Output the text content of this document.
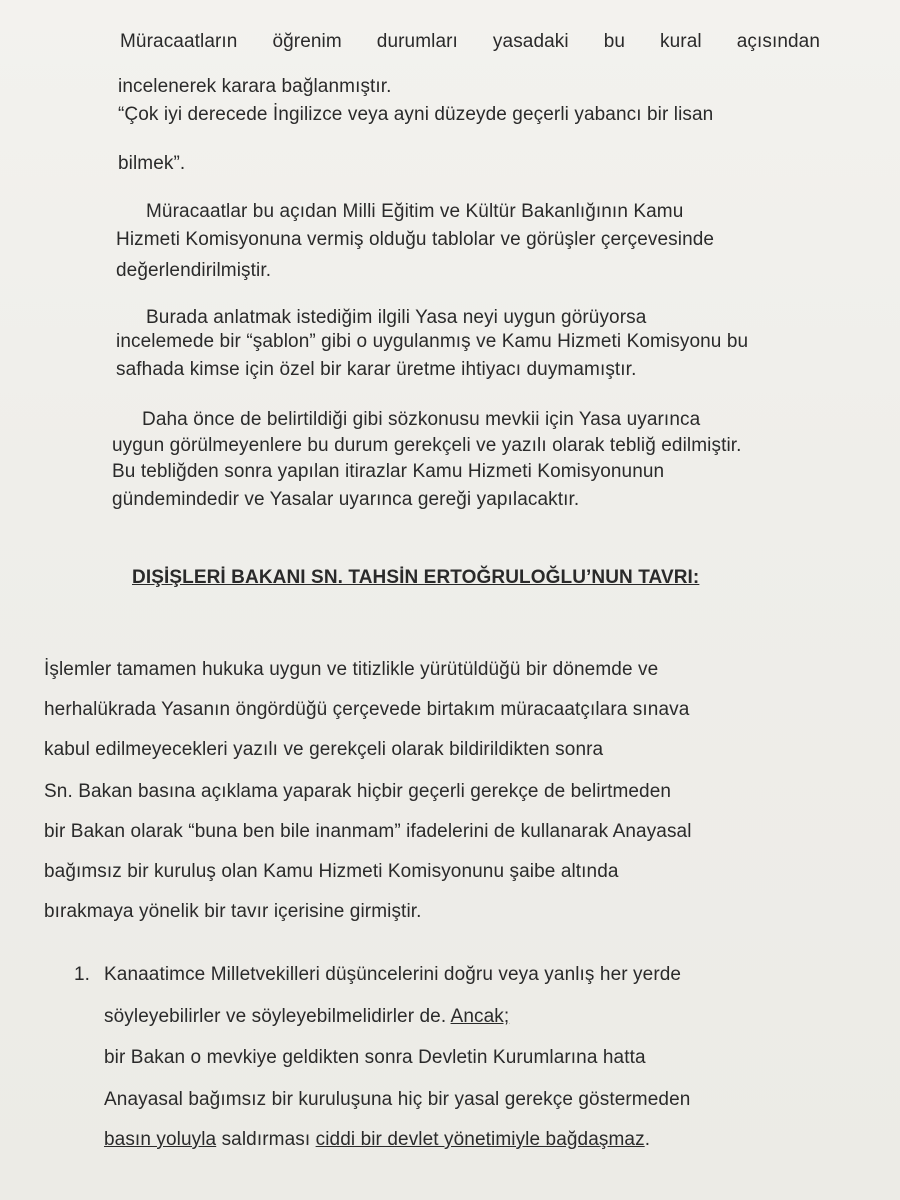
Müracaatların öğrenim durumları yasadaki bu kural açısından
incelenerek karara bağlanmıştır.
“Çok iyi derecede İngilizce veya ayni düzeyde geçerli yabancı bir lisan
bilmek”.
Müracaatlar bu açıdan Milli Eğitim ve Kültür Bakanlığının Kamu
Hizmeti Komisyonuna vermiş olduğu tablolar ve görüşler çerçevesinde
değerlendirilmiştir.
Burada anlatmak istediğim ilgili Yasa neyi uygun görüyorsa
incelemede bir “şablon” gibi o uygulanmış ve Kamu Hizmeti Komisyonu bu
safhada kimse için özel bir karar üretme ihtiyacı duymamıştır.
Daha önce de belirtildiği gibi sözkonusu mevkii için Yasa uyarınca
uygun görülmeyenlere bu durum gerekçeli ve yazılı olarak tebliğ edilmiştir.
Bu tebliğden sonra yapılan itirazlar Kamu Hizmeti Komisyonunun
gündemindedir ve Yasalar uyarınca gereği yapılacaktır.
DIŞİŞLERİ BAKANI SN. TAHSİN ERTOĞRULOĞLU’NUN TAVRI:
İşlemler tamamen hukuka uygun ve titizlikle yürütüldüğü bir dönemde ve
herhalükrada Yasanın öngördüğü çerçevede birtakım müracaatçılara sınava
kabul edilmeyecekleri yazılı ve gerekçeli olarak bildirildikten sonra
Sn. Bakan basına açıklama yaparak hiçbir geçerli gerekçe de belirtmeden
bir Bakan olarak “buna ben bile inanmam” ifadelerini de kullanarak Anayasal
bağımsız bir kuruluş olan Kamu Hizmeti Komisyonunu şaibe altında
bırakmaya yönelik bir tavır içerisine girmiştir.
1. Kanaatimce Milletvekilleri düşüncelerini doğru veya yanlış her yerde
söyleyebilirler ve söyleyebilmelidirler de. Ancak;
bir Bakan o mevkiye geldikten sonra Devletin Kurumlarına hatta
Anayasal bağımsız bir kuruluşuna hiç bir yasal gerekçe göstermeden
basın yoluyla saldırması ciddi bir devlet yönetimiyle bağdaşmaz.
